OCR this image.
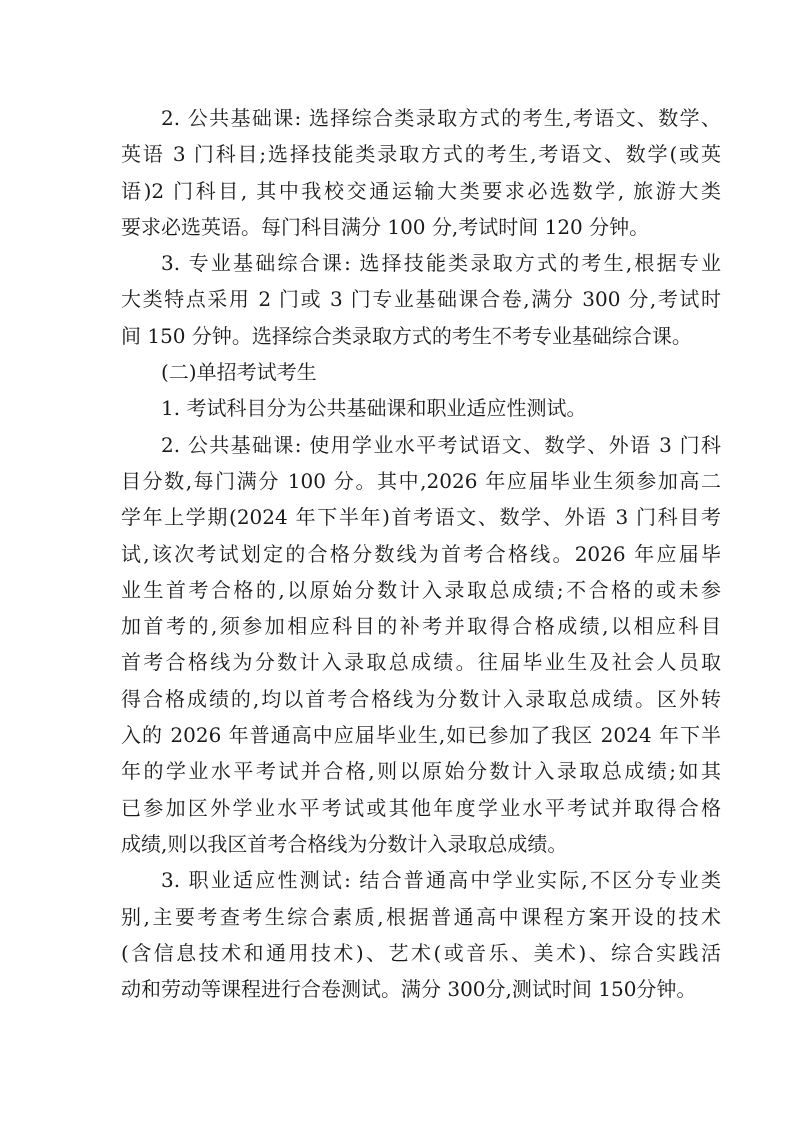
2. 公共基础课: 选择综合类录取方式的考生,考语文、数学、
英语 3 门科目;选择技能类录取方式的考生,考语文、数学(或英
语)2 门科目, 其中我校交通运输大类要求必选数学, 旅游大类
要求必选英语。每门科目满分 100 分,考试时间 120 分钟。
3. 专业基础综合课: 选择技能类录取方式的考生,根据专业
大类特点采用 2 门或 3 门专业基础课合卷,满分 300 分,考试时
间 150 分钟。选择综合类录取方式的考生不考专业基础综合课。
(二)单招考试考生
1. 考试科目分为公共基础课和职业适应性测试。
2. 公共基础课: 使用学业水平考试语文、数学、外语 3 门科
目分数,每门满分 100 分。其中,2026 年应届毕业生须参加高二
学年上学期(2024 年下半年)首考语文、数学、外语 3 门科目考
试,该次考试划定的合格分数线为首考合格线。2026 年应届毕
业生首考合格的,以原始分数计入录取总成绩;不合格的或未参
加首考的,须参加相应科目的补考并取得合格成绩,以相应科目
首考合格线为分数计入录取总成绩。往届毕业生及社会人员取
得合格成绩的,均以首考合格线为分数计入录取总成绩。区外转
入的 2026 年普通高中应届毕业生,如已参加了我区 2024 年下半
年的学业水平考试并合格,则以原始分数计入录取总成绩;如其
已参加区外学业水平考试或其他年度学业水平考试并取得合格
成绩,则以我区首考合格线为分数计入录取总成绩。
3. 职业适应性测试: 结合普通高中学业实际,不区分专业类
别,主要考查考生综合素质,根据普通高中课程方案开设的技术
(含信息技术和通用技术)、艺术(或音乐、美术)、综合实践活
动和劳动等课程进行合卷测试。满分 300分,测试时间 150分钟。
